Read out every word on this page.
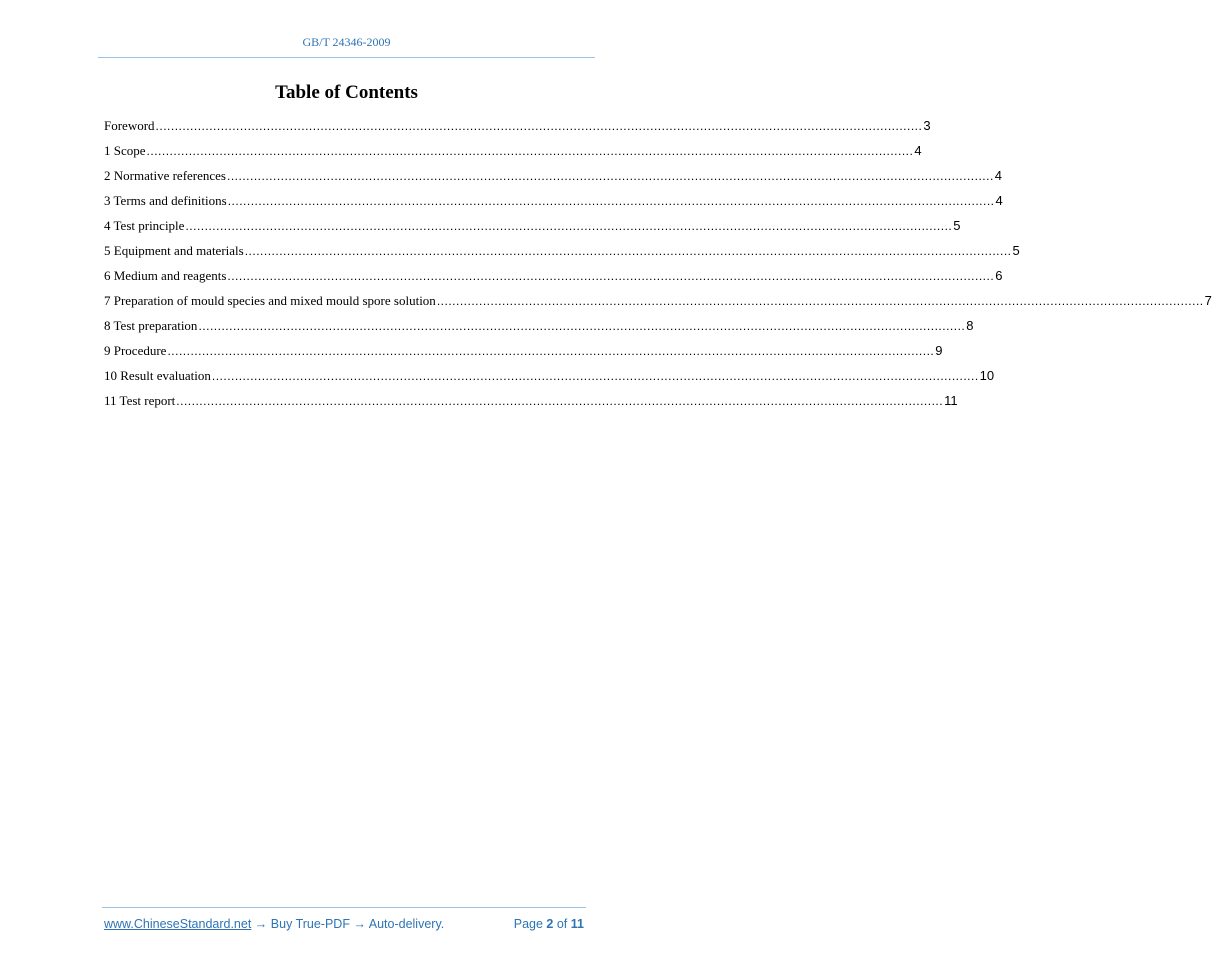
GB/T 24346-2009
Table of Contents
Foreword ........................................................................................................................................................................................................ 3
1 Scope ........................................................................................................................................................................................................ 4
2 Normative references ........................................................................................................................................................................................................ 4
3 Terms and definitions ........................................................................................................................................................................................................ 4
4 Test principle ........................................................................................................................................................................................................ 5
5 Equipment and materials ........................................................................................................................................................................................................ 5
6 Medium and reagents ........................................................................................................................................................................................................ 6
7 Preparation of mould species and mixed mould spore solution ........................................................................................................................................................................................................ 7
8 Test preparation ........................................................................................................................................................................................................ 8
9 Procedure ........................................................................................................................................................................................................ 9
10 Result evaluation ........................................................................................................................................................................................................ 10
11 Test report ........................................................................................................................................................................................................ 11
www.ChineseStandard.net → Buy True-PDF → Auto-delivery.	Page 2 of 11
